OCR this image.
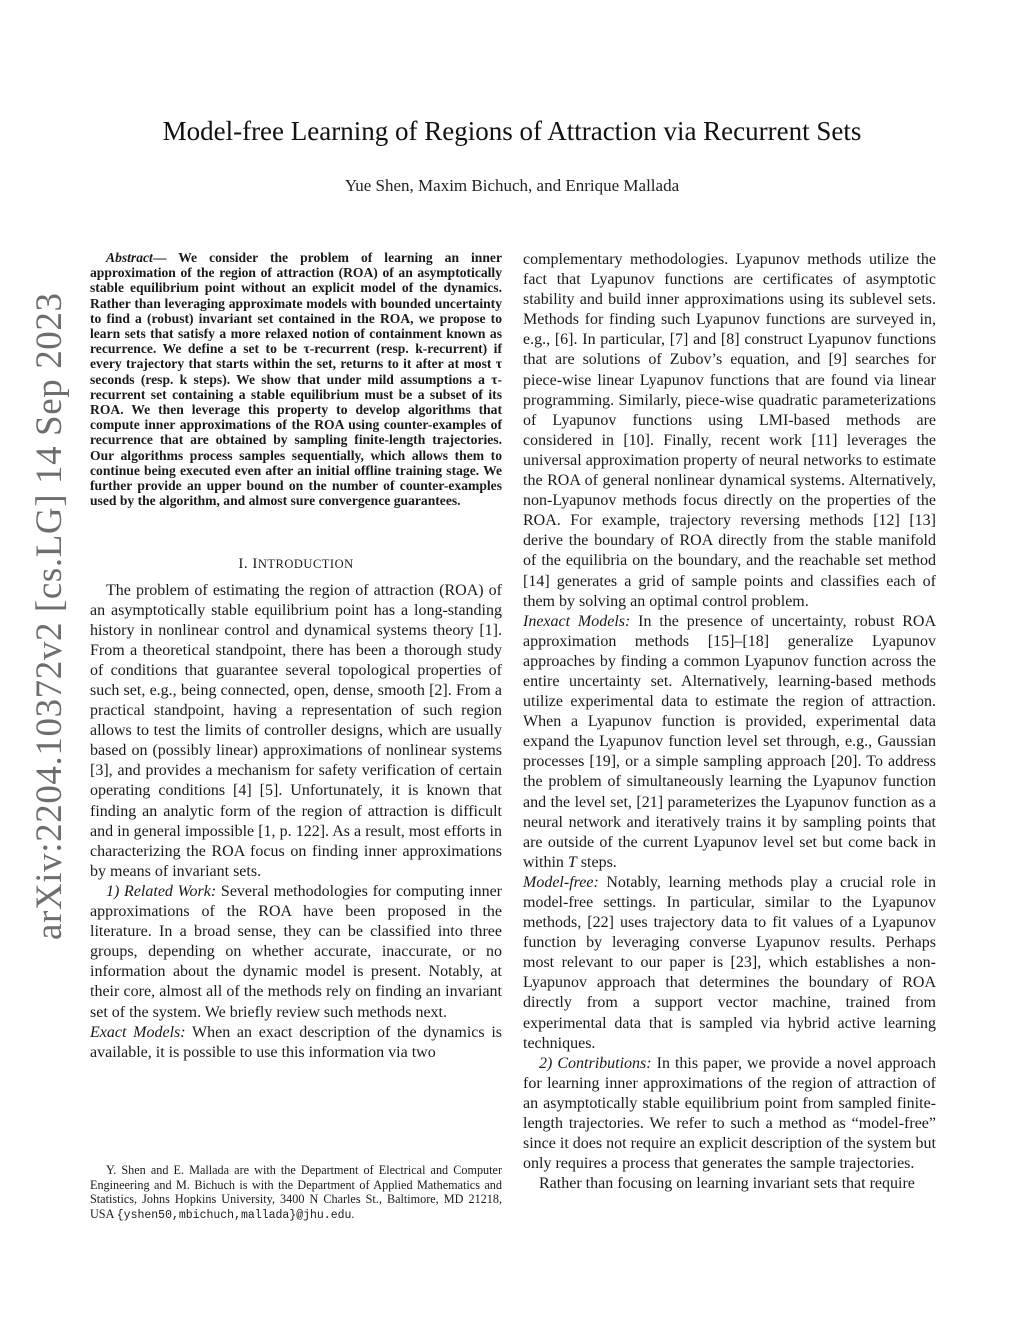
arXiv:2204.10372v2 [cs.LG] 14 Sep 2023
Model-free Learning of Regions of Attraction via Recurrent Sets
Yue Shen, Maxim Bichuch, and Enrique Mallada

Abstract— We consider the problem of learning an inner approximation of the region of attraction (ROA) of an asymptotically stable equilibrium point without an explicit model of the dynamics. Rather than leveraging approximate models with bounded uncertainty to find a (robust) invariant set contained in the ROA, we propose to learn sets that satisfy a more relaxed notion of containment known as recurrence. We define a set to be τ-recurrent (resp. k-recurrent) if every trajectory that starts within the set, returns to it after at most τ seconds (resp. k steps). We show that under mild assumptions a τ-recurrent set containing a stable equilibrium must be a subset of its ROA. We then leverage this property to develop algorithms that compute inner approximations of the ROA using counter-examples of recurrence that are obtained by sampling finite-length trajectories. Our algorithms process samples sequentially, which allows them to continue being executed even after an initial offline training stage. We further provide an upper bound on the number of counter-examples used by the algorithm, and almost sure convergence guarantees.

I. INTRODUCTION

The problem of estimating the region of attraction (ROA) of an asymptotically stable equilibrium point has a long-standing history in nonlinear control and dynamical systems theory [1]. From a theoretical standpoint, there has been a thorough study of conditions that guarantee several topological properties of such set, e.g., being connected, open, dense, smooth [2]. From a practical standpoint, having a representation of such region allows to test the limits of controller designs, which are usually based on (possibly linear) approximations of nonlinear systems [3], and provides a mechanism for safety verification of certain operating conditions [4] [5]. Unfortunately, it is known that finding an analytic form of the region of attraction is difficult and in general impossible [1, p. 122]. As a result, most efforts in characterizing the ROA focus on finding inner approximations by means of invariant sets.

1) Related Work: Several methodologies for computing inner approximations of the ROA have been proposed in the literature. In a broad sense, they can be classified into three groups, depending on whether accurate, inaccurate, or no information about the dynamic model is present. Notably, at their core, almost all of the methods rely on finding an invariant set of the system. We briefly review such methods next.

Exact Models: When an exact description of the dynamics is available, it is possible to use this information via two

Y. Shen and E. Mallada are with the Department of Electrical and Computer Engineering and M. Bichuch is with the Department of Applied Mathematics and Statistics, Johns Hopkins University, 3400 N Charles St., Baltimore, MD 21218, USA {yshen50,mbichuch,mallada}@jhu.edu.

complementary methodologies. Lyapunov methods utilize the fact that Lyapunov functions are certificates of asymptotic stability and build inner approximations using its sublevel sets. Methods for finding such Lyapunov functions are surveyed in, e.g., [6]. In particular, [7] and [8] construct Lyapunov functions that are solutions of Zubov’s equation, and [9] searches for piece-wise linear Lyapunov functions that are found via linear programming. Similarly, piece-wise quadratic parameterizations of Lyapunov functions using LMI-based methods are considered in [10]. Finally, recent work [11] leverages the universal approximation property of neural networks to estimate the ROA of general nonlinear dynamical systems. Alternatively, non-Lyapunov methods focus directly on the properties of the ROA. For example, trajectory reversing methods [12] [13] derive the boundary of ROA directly from the stable manifold of the equilibria on the boundary, and the reachable set method [14] generates a grid of sample points and classifies each of them by solving an optimal control problem.

Inexact Models: In the presence of uncertainty, robust ROA approximation methods [15]–[18] generalize Lyapunov approaches by finding a common Lyapunov function across the entire uncertainty set. Alternatively, learning-based methods utilize experimental data to estimate the region of attraction. When a Lyapunov function is provided, experimental data expand the Lyapunov function level set through, e.g., Gaussian processes [19], or a simple sampling approach [20]. To address the problem of simultaneously learning the Lyapunov function and the level set, [21] parameterizes the Lyapunov function as a neural network and iteratively trains it by sampling points that are outside of the current Lyapunov level set but come back in within T steps.

Model-free: Notably, learning methods play a crucial role in model-free settings. In particular, similar to the Lyapunov methods, [22] uses trajectory data to fit values of a Lyapunov function by leveraging converse Lyapunov results. Perhaps most relevant to our paper is [23], which establishes a non-Lyapunov approach that determines the boundary of ROA directly from a support vector machine, trained from experimental data that is sampled via hybrid active learning techniques.

2) Contributions: In this paper, we provide a novel approach for learning inner approximations of the region of attraction of an asymptotically stable equilibrium point from sampled finite-length trajectories. We refer to such a method as “model-free” since it does not require an explicit description of the system but only requires a process that generates the sample trajectories.

Rather than focusing on learning invariant sets that require
